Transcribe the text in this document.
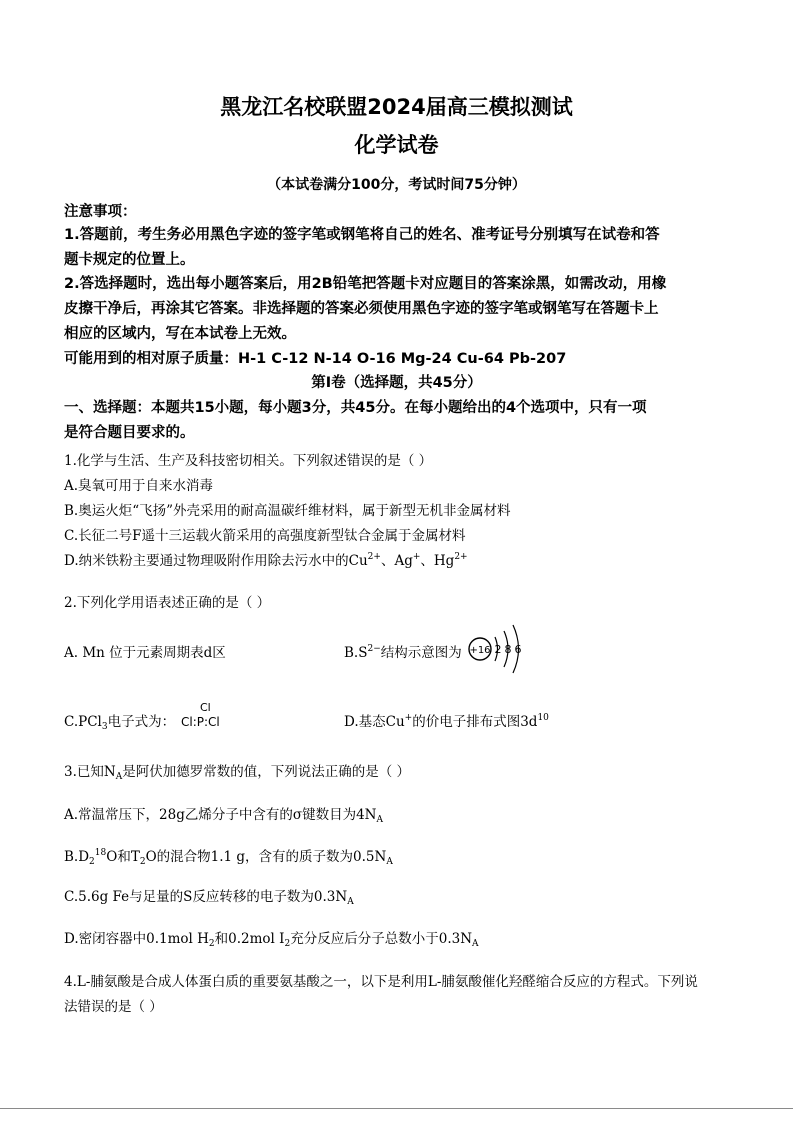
黑龙江名校联盟2024届高三模拟测试
化学试卷
（本试卷满分100分，考试时间75分钟）
注意事项：
1.答题前，考生务必用黑色字迹的签字笔或钢笔将自己的姓名、准考证号分别填写在试卷和答
题卡规定的位置上。
2.答选择题时，选出每小题答案后，用2B铅笔把答题卡对应题目的答案涂黑，如需改动，用橡
皮擦干净后，再涂其它答案。非选择题的答案必须使用黑色字迹的签字笔或钢笔写在答题卡上
相应的区域内，写在本试卷上无效。
可能用到的相对原子质量：H-1 C-12 N-14 O-16 Mg-24 Cu-64 Pb-207
第Ⅰ卷（选择题，共45分）
一、选择题：本题共15小题，每小题3分，共45分。在每小题给出的4个选项中，只有一项
是符合题目要求的。
1.化学与生活、生产及科技密切相关。下列叙述错误的是（ ）
A.臭氧可用于自来水消毒
B.奥运火炬“飞扬”外壳采用的耐高温碳纤维材料，属于新型无机非金属材料
C.长征二号F遥十三运载火箭采用的高强度新型钛合金属于金属材料
D.纳米铁粉主要通过物理吸附作用除去污水中的$Cu^{2+}$、Ag+、$Hg^{2+}$
2.下列化学用语表述正确的是（ ）
A. Mn 位于元素周期表d区	$B.S^{2-}$结构示意图为 +16 2 8 6
C.PCl$_3$电子式为：
Cl
Cl:P:Cl	D.基态Cu+的价电子排布式图$3d^{10}$
3.已知$N_A$是阿伏加德罗常数的值，下列说法正确的是（ ）
A.常温常压下，28g乙烯分子中含有的σ键数目为$4N_A$
$B.D_2^{18}O$和$T_2O$的混合物1.1 g，含有的质子数为$0.5N_A$
C.5.6g Fe与足量的S反应转移的电子数为$0.3N_A$
D.密闭容器中0.1mol $H_2$和0.2mol $I_2$充分反应后分子总数小于$0.3N_A$
4.L-脯氨酸是合成人体蛋白质的重要氨基酸之一，以下是利用L-脯氨酸催化羟醛缩合反应的方程式。下列说
法错误的是（ ）
